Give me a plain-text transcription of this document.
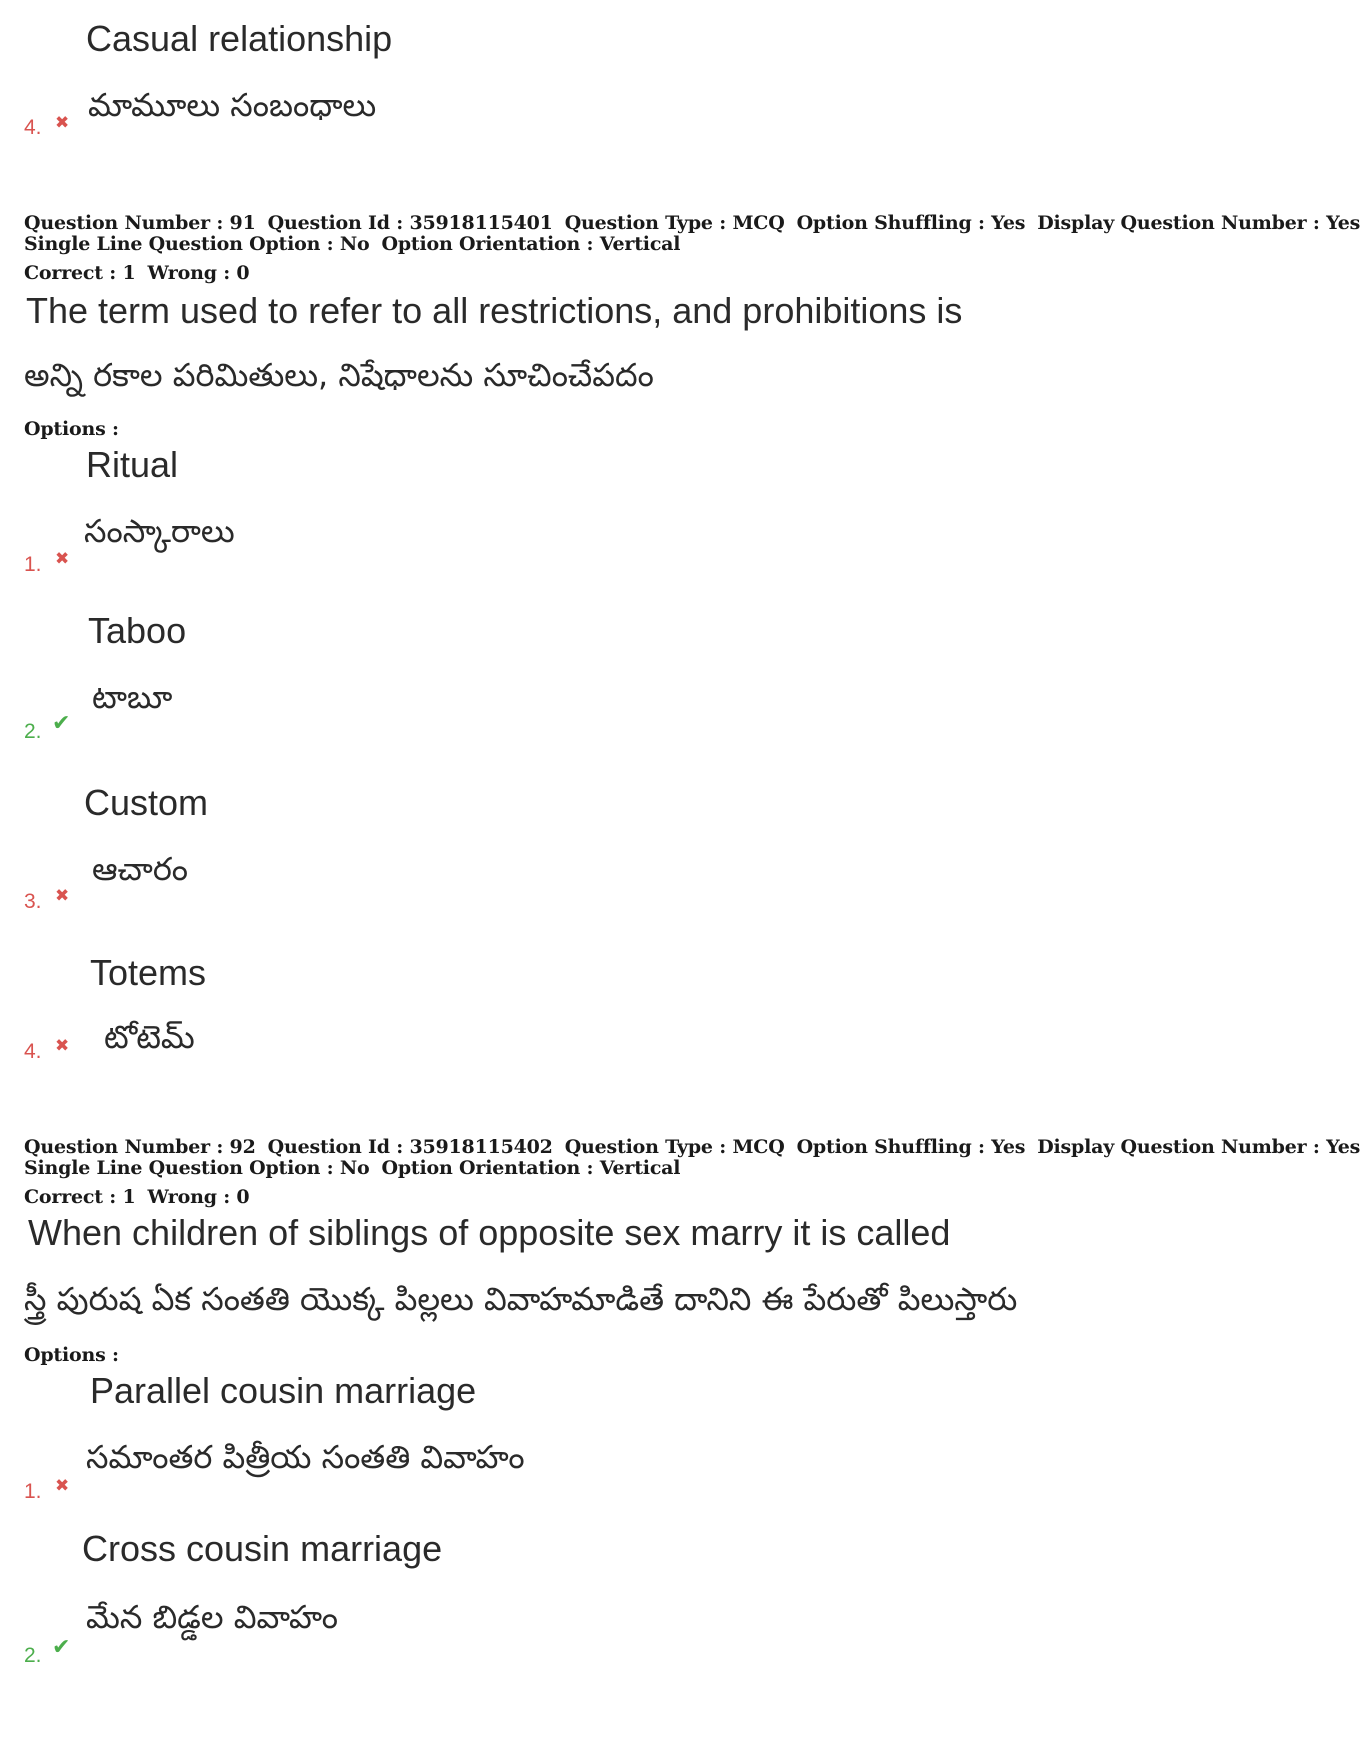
Casual relationship
మామూలు సంబంధాలు
4. ✖
Question Number : 91 Question Id : 35918115401 Question Type : MCQ Option Shuffling : Yes Display Question Number : Yes
Single Line Question Option : No Option Orientation : Vertical
Correct : 1 Wrong : 0
The term used to refer to all restrictions, and prohibitions is
అన్ని రకాల పరిమితులు, నిషేధాలను సూచించేపదం
Options :
Ritual
సంస్కారాలు
1. ✖
Taboo
టాబూ
2. ✔
Custom
ఆచారం
3. ✖
Totems
టోటెమ్
4. ✖
Question Number : 92 Question Id : 35918115402 Question Type : MCQ Option Shuffling : Yes Display Question Number : Yes
Single Line Question Option : No Option Orientation : Vertical
Correct : 1 Wrong : 0
When children of siblings of opposite sex marry it is called
స్త్రీ పురుష ఏక సంతతి యొక్క పిల్లలు వివాహమాడితే దానిని ఈ పేరుతో పిలుస్తారు
Options :
Parallel cousin marriage
సమాంతర పిత్రీయ సంతతి వివాహం
1. ✖
Cross cousin marriage
మేన బిడ్డల వివాహం
2. ✔
